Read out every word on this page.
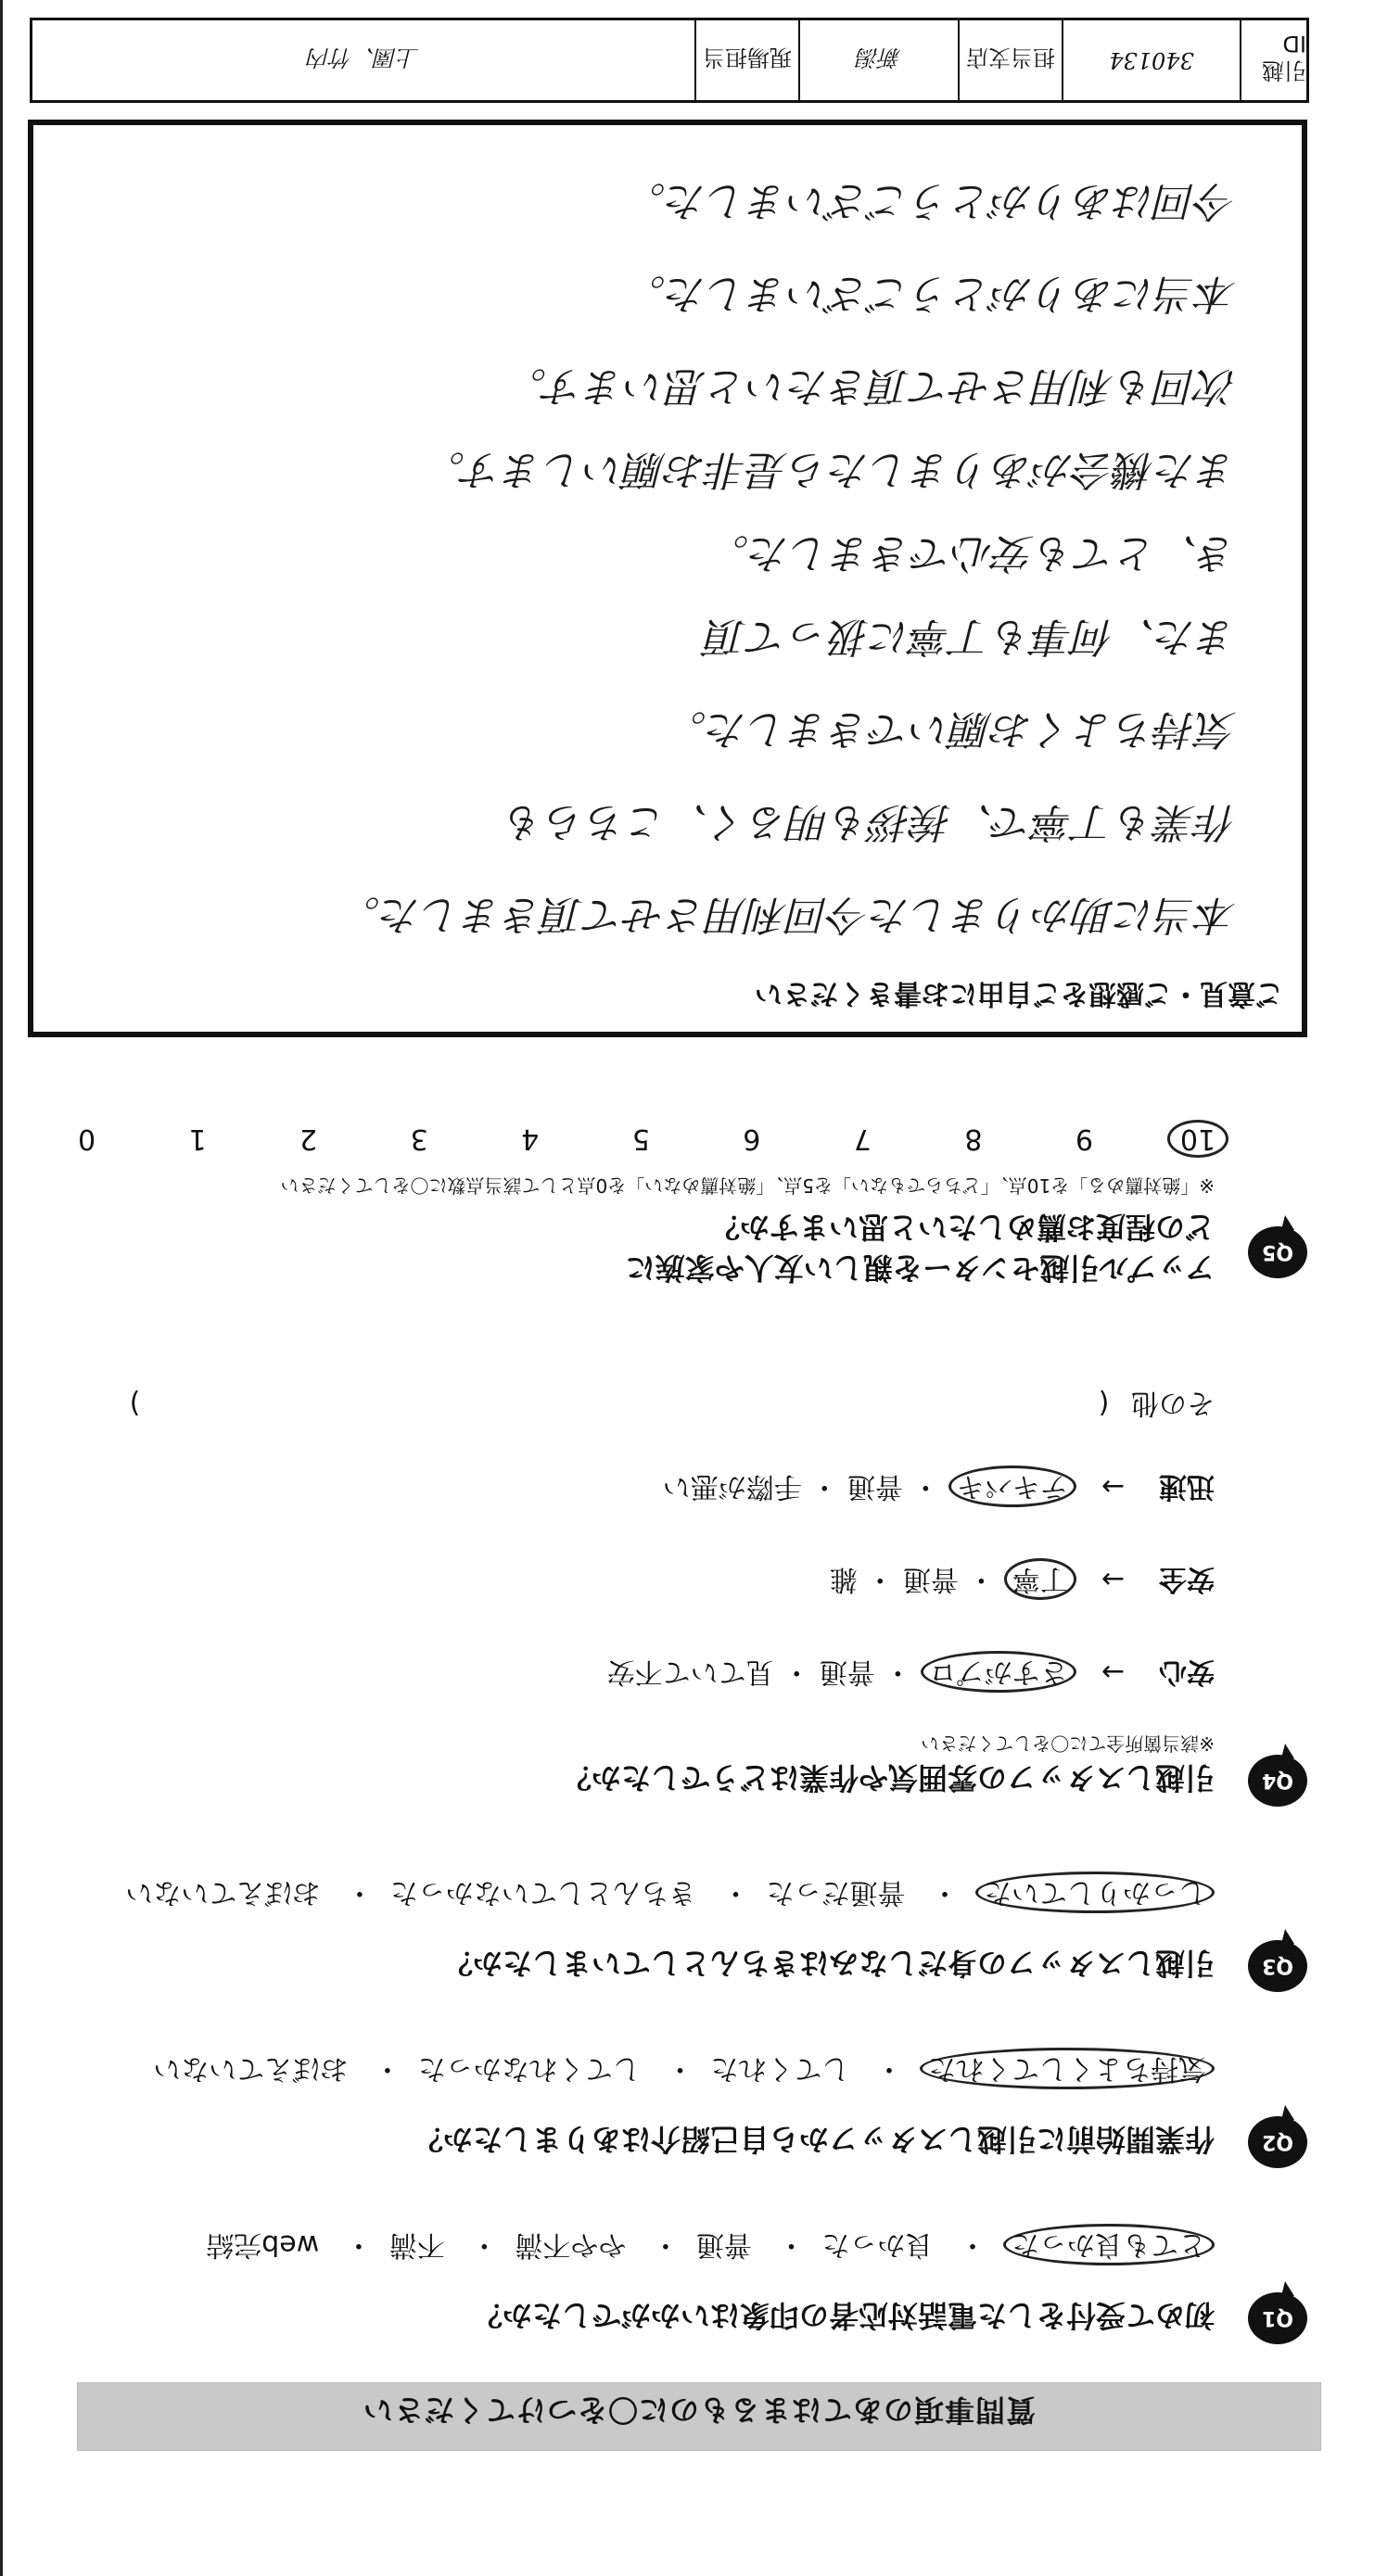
質問事項のあてはまるものに〇をつけてください
Q1
初めて受付をした電話対応者の印象はいかがでしたか？
とても良かった・ 良かった・ 普通・ やや不満・ 不満・ web完結
Q2
作業開始前に引越しスタッフから自己紹介はありましたか？
気持ちよくしてくれた・ してくれた・ してくれなかった・ おぼえていない
Q3
引越しスタッフの身だしなみはきちんとしていましたか？
しっかりしていた・ 普通だった・ きちんとしていなかった・ おぼえていない
Q4
引越しスタッフの雰囲気や作業はどうでしたか？
※該当箇所全てに〇をしてください
安心 → さすがプロ ・ 普通 ・ 見ていて不安
安全 → 丁寧 ・ 普通 ・ 雑
迅速 → テキパキ ・ 普通 ・ 手際が悪い
その他 (  )
Q5
アップル引越センターを親しい友人や家族に
どの程度お薦めしたいと思いますか？
※「絶対薦める」を10点、「どちらでもない」を5点、「絶対薦めない」を0点として該当点数に〇をしてください
10 9 8 7 6 5 4 3 2 1 0
ご意見・ご感想をご自由にお書きください
本当に助かりました今回利用させて頂きました。
作業も丁寧で、挨拶も明るく、こちらも
気持ちよくお願いできました。
また、何事も丁寧に扱って頂
き、とても安心できました。
また機会がありましたら是非お願いします。
次回も利用させて頂きたいと思います。
本当にありがとうございました。
今回はありがとうございました。
引越ID
340134
担当支店
新潟
現場担当
上園、竹内
